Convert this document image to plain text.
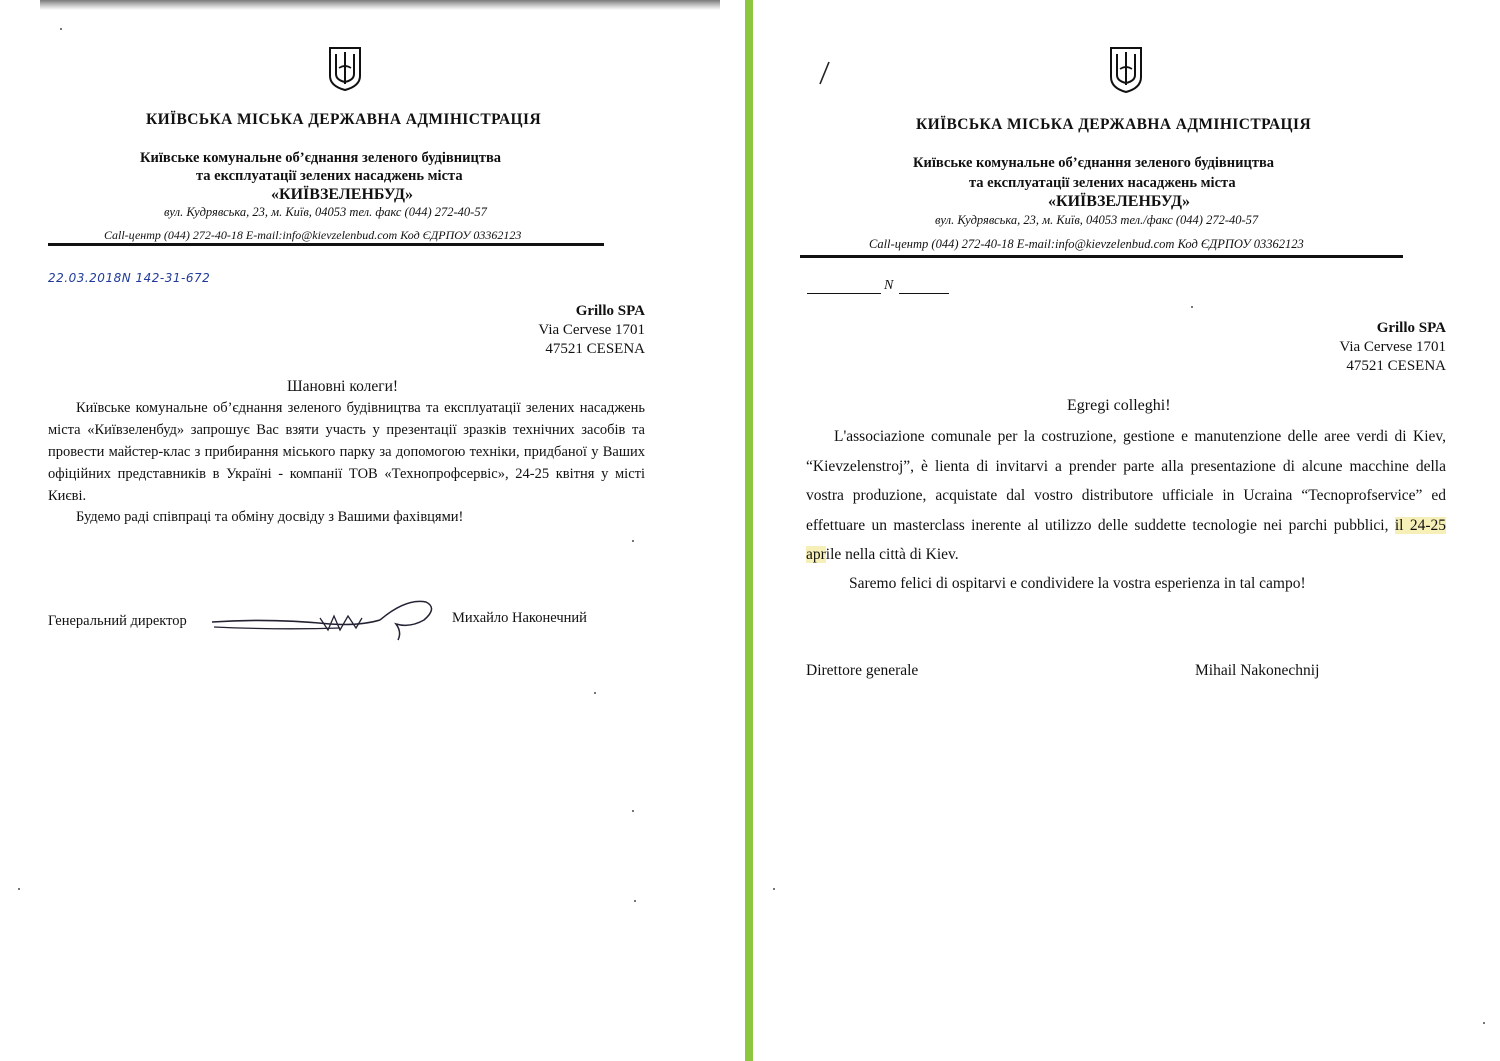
КИЇВСЬКА МІСЬКА ДЕРЖАВНА АДМІНІСТРАЦІЯ
Київське комунальне об’єднання зеленого будівництва
та експлуатації зелених насаджень міста
«КИЇВЗЕЛЕНБУД»
вул. Кудрявська, 23, м. Київ, 04053 тел. факс (044) 272-40-57
Call-центр (044) 272-40-18 E-mail:info@kievzelenbud.com Код ЄДРПОУ 03362123
22.03.2018N 142-31-672
Grillo SPA
Via Cervese 1701
47521 CESENA
Шановні колеги!
Київське комунальне об’єднання зеленого будівництва та експлуатації зелених насаджень міста «Київзеленбуд» запрошує Вас взяти участь у презентації зразків технічних засобів та провести майстер-клас з прибирання міського парку за допомогою техніки, придбаної у Ваших офіційних представників в Україні - компанії ТОВ «Технопрофсервіс», 24-25 квітня у місті Києві.
Будемо раді співпраці та обміну досвіду з Вашими фахівцями!
Генеральний директор	Михайло Наконечний
КИЇВСЬКА МІСЬКА ДЕРЖАВНА АДМІНІСТРАЦІЯ
Київське комунальне об’єднання зеленого будівництва
та експлуатації зелених насаджень міста
«КИЇВЗЕЛЕНБУД»
вул. Кудрявська, 23, м. Київ, 04053 тел./факс (044) 272-40-57
Call-центр (044) 272-40-18 E-mail:info@kievzelenbud.com Код ЄДРПОУ 03362123
N
Grillo SPA
Via Cervese 1701
47521 CESENA
Egregi colleghi!
L'associazione comunale per la costruzione, gestione e manutenzione delle aree verdi di Kiev, “Kievzelenstroj”, è lienta di invitarvi a prender parte alla presentazione di alcune macchine della vostra produzione, acquistate dal vostro distributore ufficiale in Ucraina “Tecnoprofservice” ed effettuare un masterclass inerente al utilizzo delle suddette tecnologie nei parchi pubblici, il 24-25 aprile nella città di Kiev.
Saremo felici di ospitarvi e condividere la vostra esperienza in tal campo!
Direttore generale	Mihail Nakonechnij
